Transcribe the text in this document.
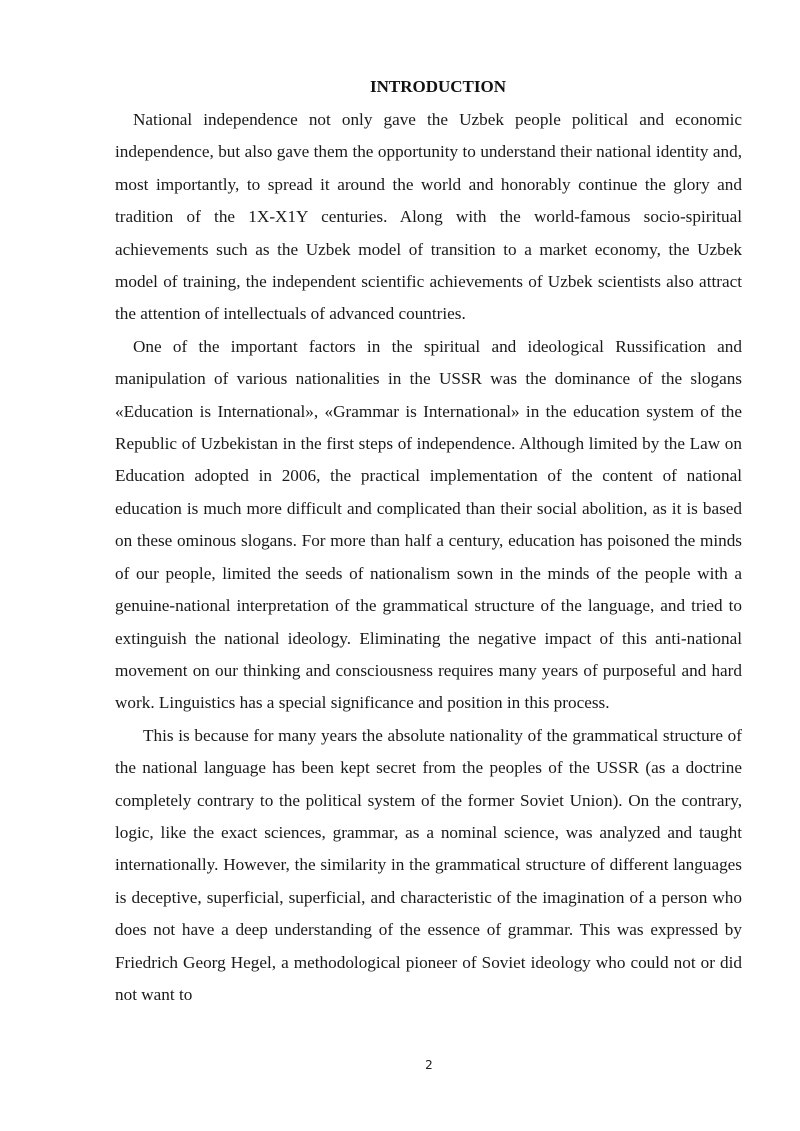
INTRODUCTION

National independence not only gave the Uzbek people political and economic independence, but also gave them the opportunity to understand their national identity and, most importantly, to spread it around the world and honorably continue the glory and tradition of the 1X-X1Y centuries. Along with the world-famous socio-spiritual achievements such as the Uzbek model of transition to a market economy, the Uzbek model of training, the independent scientific achievements of Uzbek scientists also attract the attention of intellectuals of advanced countries.

One of the important factors in the spiritual and ideological Russification and manipulation of various nationalities in the USSR was the dominance of the slogans «Education is International», «Grammar is International» in the education system of the Republic of Uzbekistan in the first steps of independence. Although limited by the Law on Education adopted in 2006, the practical implementation of the content of national education is much more difficult and complicated than their social abolition, as it is based on these ominous slogans. For more than half a century, education has poisoned the minds of our people, limited the seeds of nationalism sown in the minds of the people with a genuine-national interpretation of the grammatical structure of the language, and tried to extinguish the national ideology. Eliminating the negative impact of this anti-national movement on our thinking and consciousness requires many years of purposeful and hard work. Linguistics has a special significance and position in this process.

This is because for many years the absolute nationality of the grammatical structure of the national language has been kept secret from the peoples of the USSR (as a doctrine completely contrary to the political system of the former Soviet Union). On the contrary, logic, like the exact sciences, grammar, as a nominal science, was analyzed and taught internationally. However, the similarity in the grammatical structure of different languages is deceptive, superficial, superficial, and characteristic of the imagination of a person who does not have a deep understanding of the essence of grammar. This was expressed by Friedrich Georg Hegel, a methodological pioneer of Soviet ideology who could not or did not want to

2
